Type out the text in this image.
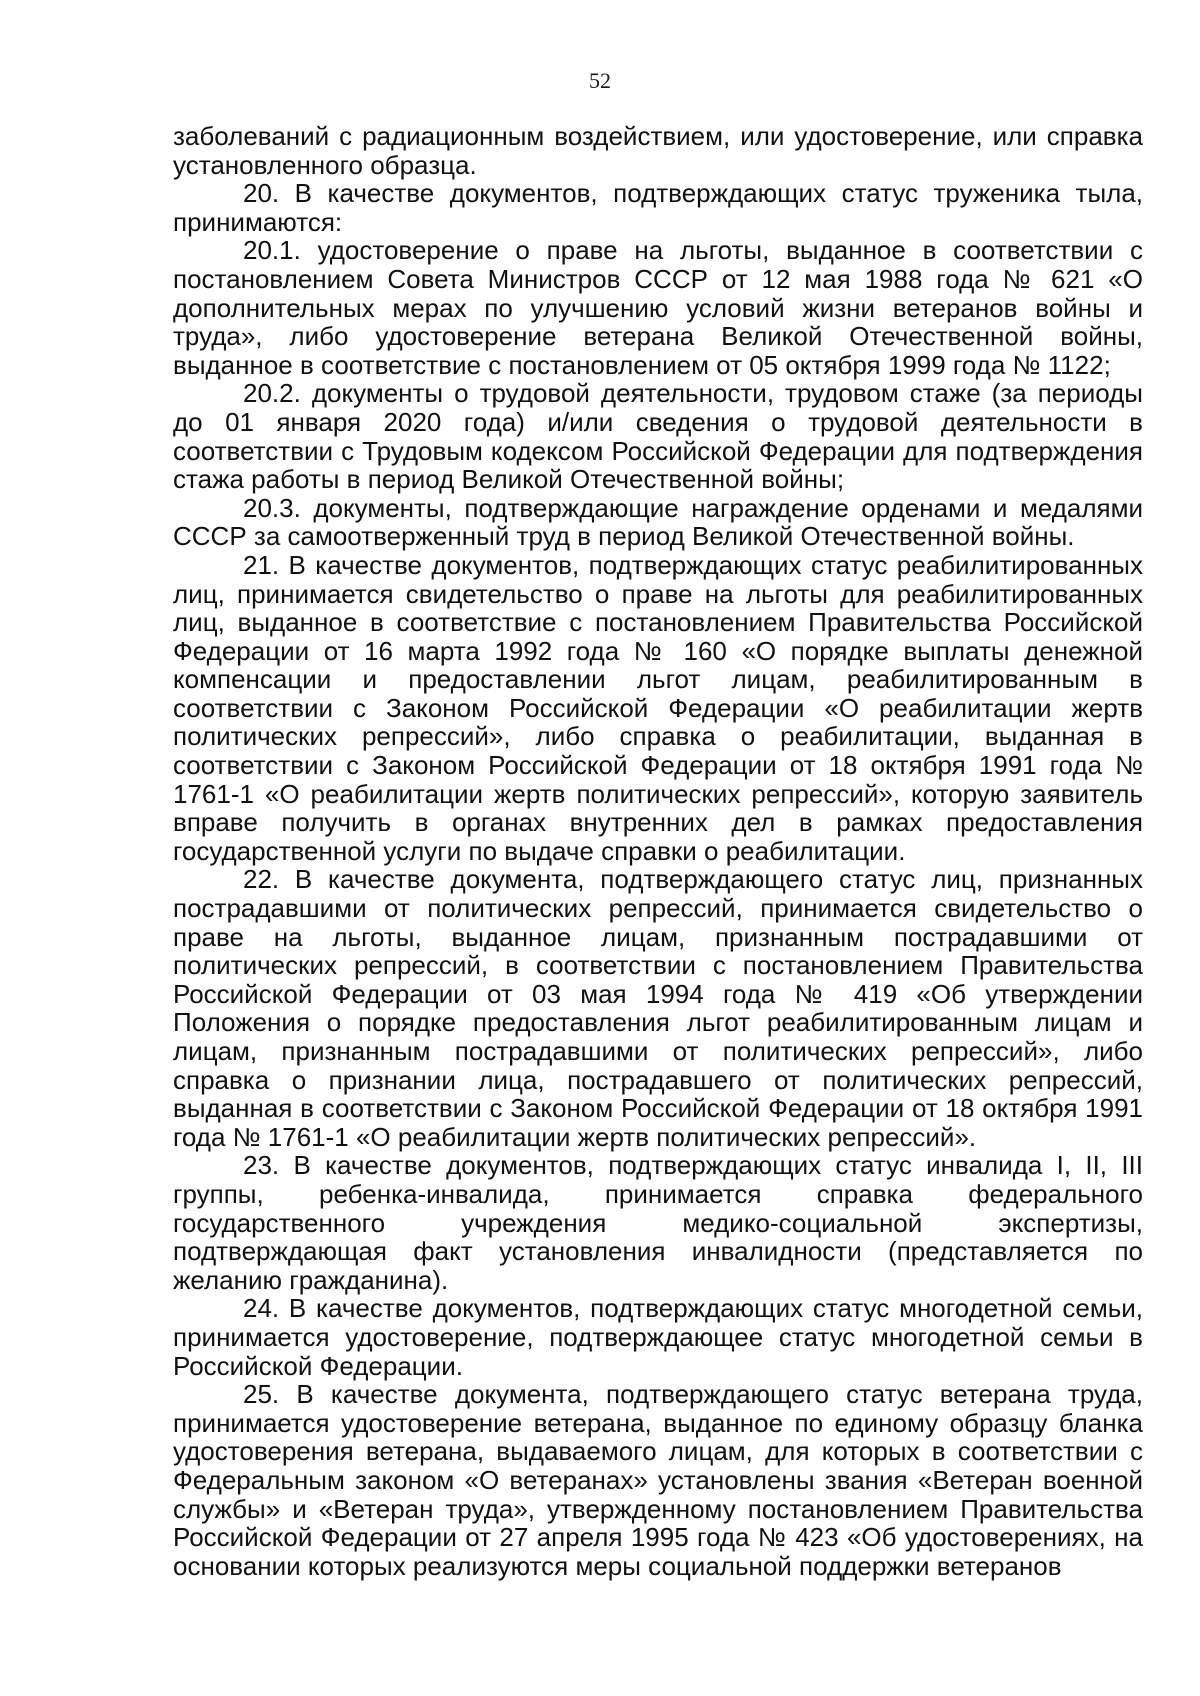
52

заболеваний с радиационным воздействием, или удостоверение, или справка установленного образца.

20. В качестве документов, подтверждающих статус труженика тыла, принимаются:

20.1. удостоверение о праве на льготы, выданное в соответствии с постановлением Совета Министров СССР от 12 мая 1988 года № 621 «О дополнительных мерах по улучшению условий жизни ветеранов войны и труда», либо удостоверение ветерана Великой Отечественной войны, выданное в соответствие с постановлением от 05 октября 1999 года № 1122;

20.2. документы о трудовой деятельности, трудовом стаже (за периоды до 01 января 2020 года) и/или сведения о трудовой деятельности в соответствии с Трудовым кодексом Российской Федерации для подтверждения стажа работы в период Великой Отечественной войны;

20.3. документы, подтверждающие награждение орденами и медалями СССР за самоотверженный труд в период Великой Отечественной войны.

21. В качестве документов, подтверждающих статус реабилитированных лиц, принимается свидетельство о праве на льготы для реабилитированных лиц, выданное в соответствие с постановлением Правительства Российской Федерации от 16 марта 1992 года № 160 «О порядке выплаты денежной компенсации и предоставлении льгот лицам, реабилитированным в соответствии с Законом Российской Федерации «О реабилитации жертв политических репрессий», либо справка о реабилитации, выданная в соответствии с Законом Российской Федерации от 18 октября 1991 года № 1761-1 «О реабилитации жертв политических репрессий», которую заявитель вправе получить в органах внутренних дел в рамках предоставления государственной услуги по выдаче справки о реабилитации.

22. В качестве документа, подтверждающего статус лиц, признанных пострадавшими от политических репрессий, принимается свидетельство о праве на льготы, выданное лицам, признанным пострадавшими от политических репрессий, в соответствии с постановлением Правительства Российской Федерации от 03 мая 1994 года № 419 «Об утверждении Положения о порядке предоставления льгот реабилитированным лицам и лицам, признанным пострадавшими от политических репрессий», либо справка о признании лица, пострадавшего от политических репрессий, выданная в соответствии с Законом Российской Федерации от 18 октября 1991 года № 1761-1 «О реабилитации жертв политических репрессий».

23. В качестве документов, подтверждающих статус инвалида I, II, III группы, ребенка-инвалида, принимается справка федерального государственного учреждения медико-социальной экспертизы, подтверждающая факт установления инвалидности (представляется по желанию гражданина).

24. В качестве документов, подтверждающих статус многодетной семьи, принимается удостоверение, подтверждающее статус многодетной семьи в Российской Федерации.

25. В качестве документа, подтверждающего статус ветерана труда, принимается удостоверение ветерана, выданное по единому образцу бланка удостоверения ветерана, выдаваемого лицам, для которых в соответствии с Федеральным законом «О ветеранах» установлены звания «Ветеран военной службы» и «Ветеран труда», утвержденному постановлением Правительства Российской Федерации от 27 апреля 1995 года № 423 «Об удостоверениях, на основании которых реализуются меры социальной поддержки ветеранов
